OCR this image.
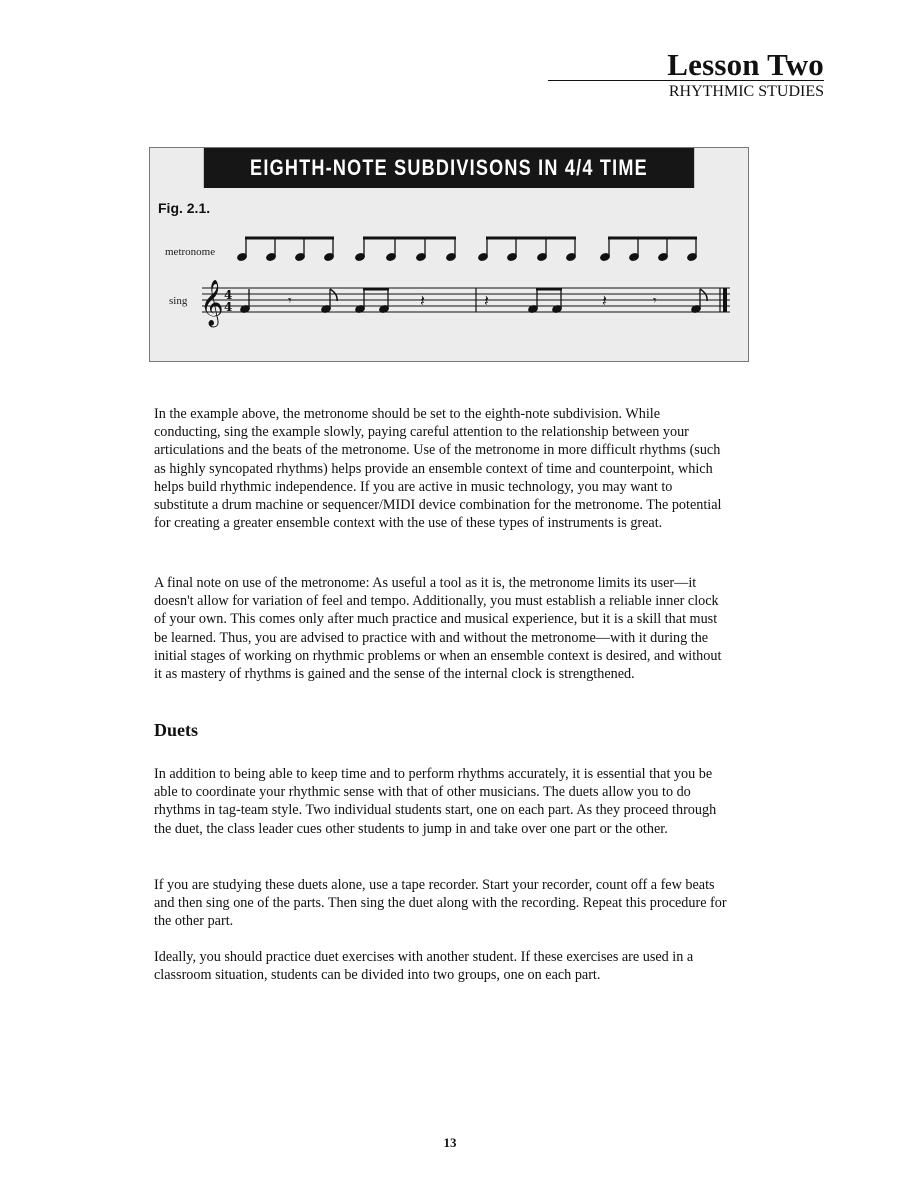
Lesson Two
RHYTHMIC STUDIES
EIGHTH-NOTE SUBDIVISONS IN 4/4 TIME
Fig. 2.1.
metronome
sing 𝄞 4
4	𝄾	𝄽	𝄽	𝄽	𝄾

In the example above, the metronome should be set to the eighth-note subdivision. While conducting, sing the example slowly, paying careful attention to the relationship between your articulations and the beats of the metronome. Use of the metronome in more difficult rhythms (such as highly syncopated rhythms) helps provide an ensemble context of time and counterpoint, which helps build rhythmic independence. If you are active in music technology, you may want to substitute a drum machine or sequencer/MIDI device combination for the metronome. The potential for creating a greater ensemble context with the use of these types of instruments is great.

A final note on use of the metronome: As useful a tool as it is, the metronome limits its user—it doesn't allow for variation of feel and tempo. Additionally, you must establish a reliable inner clock of your own. This comes only after much practice and musical experience, but it is a skill that must be learned. Thus, you are advised to practice with and without the metronome—with it during the initial stages of working on rhythmic problems or when an ensemble context is desired, and without it as mastery of rhythms is gained and the sense of the internal clock is strengthened.

Duets

In addition to being able to keep time and to perform rhythms accurately, it is essential that you be able to coordinate your rhythmic sense with that of other musicians. The duets allow you to do rhythms in tag-team style. Two individual students start, one on each part. As they proceed through the duet, the class leader cues other students to jump in and take over one part or the other.

If you are studying these duets alone, use a tape recorder. Start your recorder, count off a few beats and then sing one of the parts. Then sing the duet along with the recording. Repeat this procedure for the other part.

Ideally, you should practice duet exercises with another student. If these exercises are used in a classroom situation, students can be divided into two groups, one on each part.

13
